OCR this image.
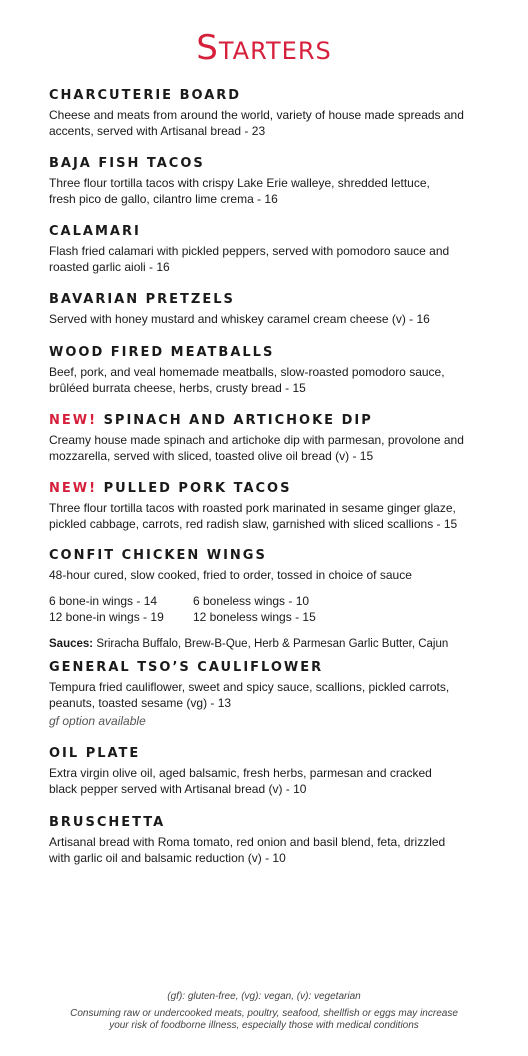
Starters
CHARCUTERIE BOARD
Cheese and meats from around the world, variety of house made spreads and
accents, served with Artisanal bread - 23
BAJA FISH TACOS
Three flour tortilla tacos with crispy Lake Erie walleye, shredded lettuce,
fresh pico de gallo, cilantro lime crema - 16
CALAMARI
Flash fried calamari with pickled peppers, served with pomodoro sauce and
roasted garlic aioli - 16
BAVARIAN PRETZELS
Served with honey mustard and whiskey caramel cream cheese (v) - 16
WOOD FIRED MEATBALLS
Beef, pork, and veal homemade meatballs, slow-roasted pomodoro sauce,
brûléed burrata cheese, herbs, crusty bread - 15
NEW! SPINACH AND ARTICHOKE DIP
Creamy house made spinach and artichoke dip with parmesan, provolone and
mozzarella, served with sliced, toasted olive oil bread (v) - 15
NEW! PULLED PORK TACOS
Three flour tortilla tacos with roasted pork marinated in sesame ginger glaze,
pickled cabbage, carrots, red radish slaw, garnished with sliced scallions - 15
CONFIT CHICKEN WINGS
48-hour cured, slow cooked, fried to order, tossed in choice of sauce
6 bone-in wings - 14	6 boneless wings - 10
12 bone-in wings - 19 12 boneless wings - 15
Sauces: Sriracha Buffalo, Brew-B-Que, Herb & Parmesan Garlic Butter, Cajun
GENERAL TSO’S CAULIFLOWER
Tempura fried cauliflower, sweet and spicy sauce, scallions, pickled carrots,
peanuts, toasted sesame (vg) - 13
gf option available
OIL PLATE
Extra virgin olive oil, aged balsamic, fresh herbs, parmesan and cracked
black pepper served with Artisanal bread (v) - 10
BRUSCHETTA
Artisanal bread with Roma tomato, red onion and basil blend, feta, drizzled
with garlic oil and balsamic reduction (v) - 10
(gf): gluten-free, (vg): vegan, (v): vegetarian
Consuming raw or undercooked meats, poultry, seafood, shellfish or eggs may increase
your risk of foodborne illness, especially those with medical conditions
